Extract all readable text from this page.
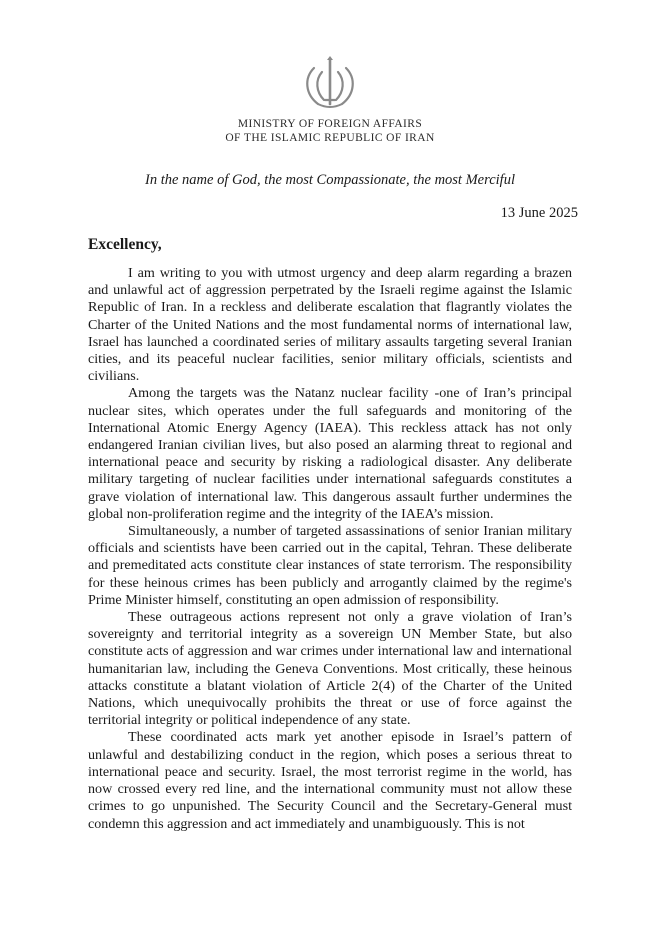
MINISTRY OF FOREIGN AFFAIRS
OF THE ISLAMIC REPUBLIC OF IRAN
In the name of God, the most Compassionate, the most Merciful
13 June 2025
Excellency,

I am writing to you with utmost urgency and deep alarm regarding a brazen and unlawful act of aggression perpetrated by the Israeli regime against the Islamic Republic of Iran. In a reckless and deliberate escalation that flagrantly violates the Charter of the United Nations and the most fundamental norms of international law, Israel has launched a coordinated series of military assaults targeting several Iranian cities, and its peaceful nuclear facilities, senior military officials, scientists and civilians.

Among the targets was the Natanz nuclear facility -one of Iran’s principal nuclear sites, which operates under the full safeguards and monitoring of the International Atomic Energy Agency (IAEA). This reckless attack has not only endangered Iranian civilian lives, but also posed an alarming threat to regional and international peace and security by risking a radiological disaster. Any deliberate military targeting of nuclear facilities under international safeguards constitutes a grave violation of international law. This dangerous assault further undermines the global non-proliferation regime and the integrity of the IAEA’s mission.

Simultaneously, a number of targeted assassinations of senior Iranian military officials and scientists have been carried out in the capital, Tehran. These deliberate and premeditated acts constitute clear instances of state terrorism. The responsibility for these heinous crimes has been publicly and arrogantly claimed by the regime's Prime Minister himself, constituting an open admission of responsibility.

These outrageous actions represent not only a grave violation of Iran’s sovereignty and territorial integrity as a sovereign UN Member State, but also constitute acts of aggression and war crimes under international law and international humanitarian law, including the Geneva Conventions. Most critically, these heinous attacks constitute a blatant violation of Article 2(4) of the Charter of the United Nations, which unequivocally prohibits the threat or use of force against the territorial integrity or political independence of any state.

These coordinated acts mark yet another episode in Israel’s pattern of unlawful and destabilizing conduct in the region, which poses a serious threat to international peace and security. Israel, the most terrorist regime in the world, has now crossed every red line, and the international community must not allow these crimes to go unpunished. The Security Council and the Secretary-General must condemn this aggression and act immediately and unambiguously. This is not
